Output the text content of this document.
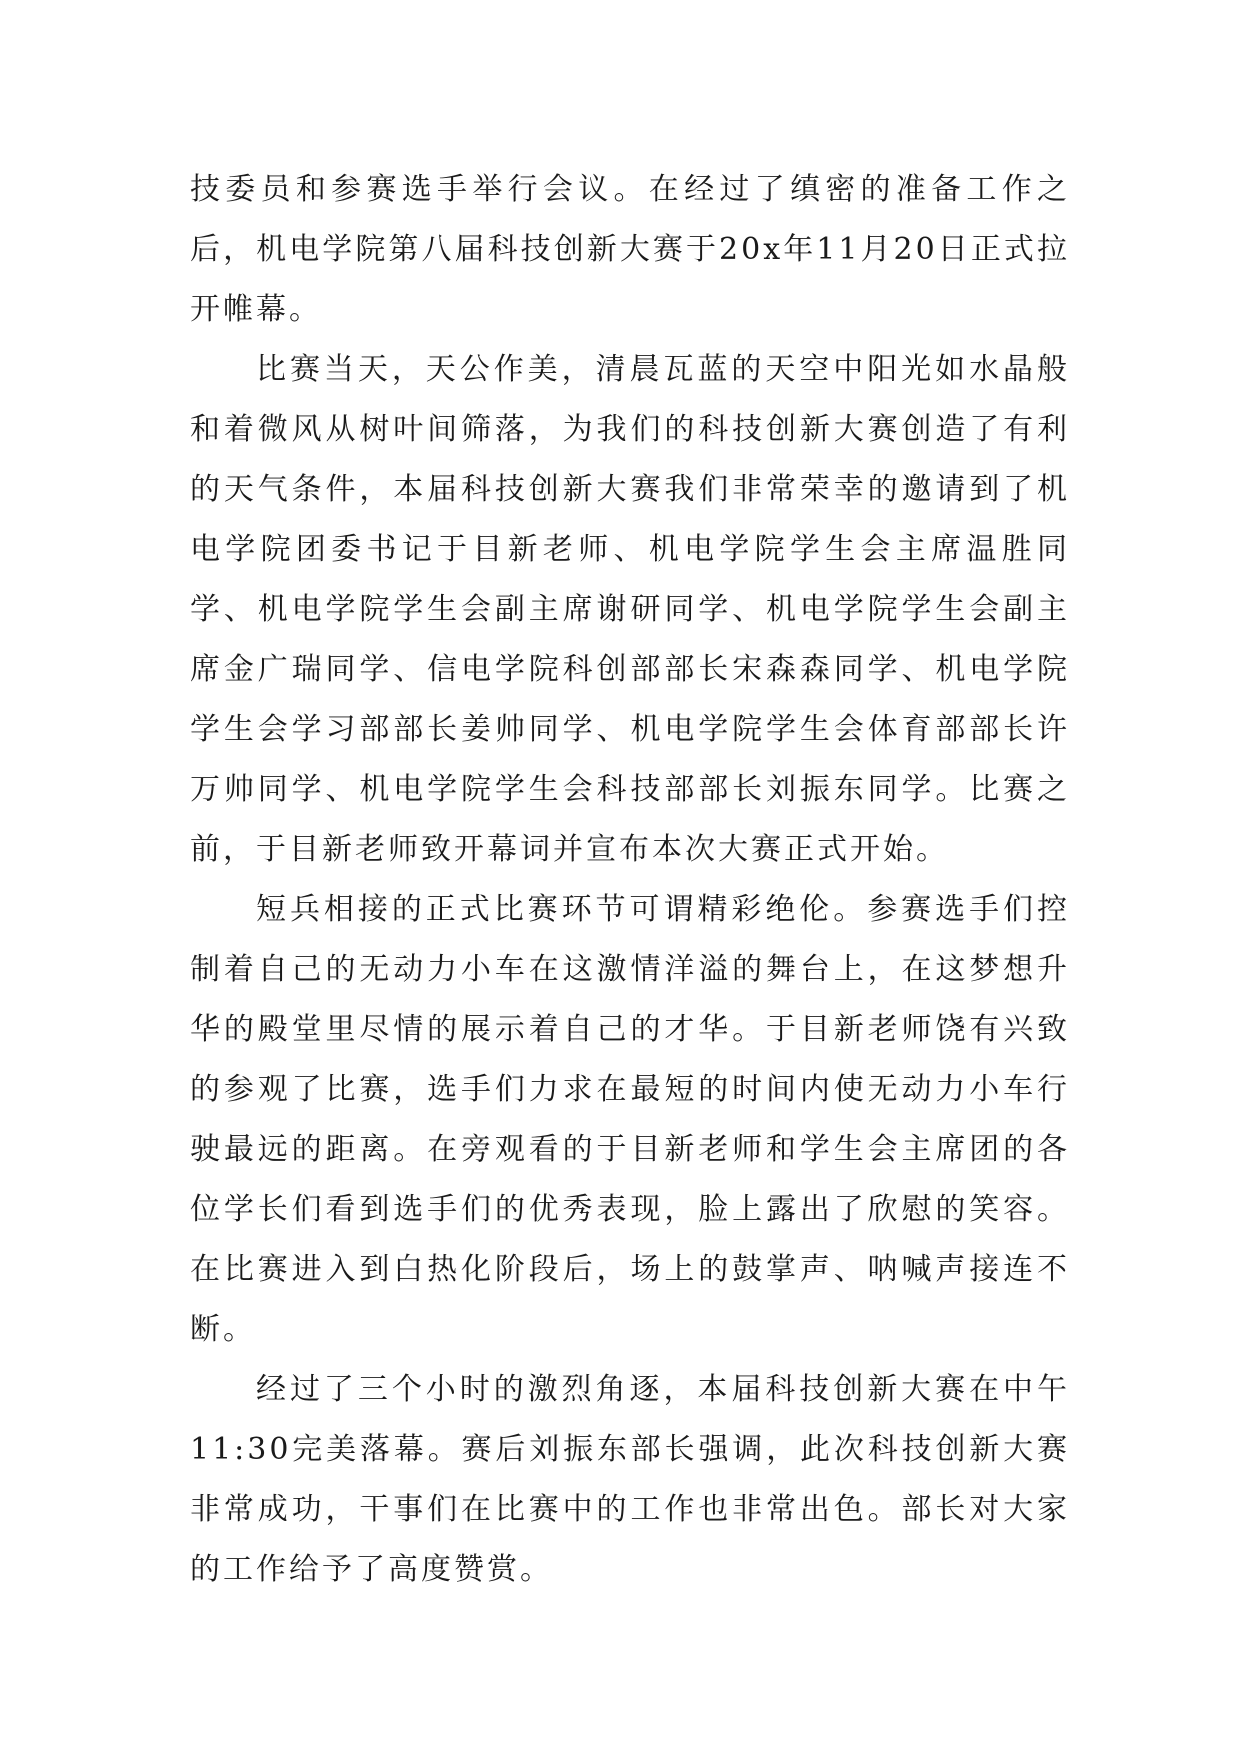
技委员和参赛选手举行会议。在经过了缜密的准备工作之后，机电学院第八届科技创新大赛于20x年11月20日正式拉开帷幕。

比赛当天，天公作美，清晨瓦蓝的天空中阳光如水晶般和着微风从树叶间筛落，为我们的科技创新大赛创造了有利的天气条件，本届科技创新大赛我们非常荣幸的邀请到了机电学院团委书记于目新老师、机电学院学生会主席温胜同学、机电学院学生会副主席谢研同学、机电学院学生会副主席金广瑞同学、信电学院科创部部长宋森森同学、机电学院学生会学习部部长姜帅同学、机电学院学生会体育部部长许万帅同学、机电学院学生会科技部部长刘振东同学。比赛之前，于目新老师致开幕词并宣布本次大赛正式开始。

短兵相接的正式比赛环节可谓精彩绝伦。参赛选手们控制着自己的无动力小车在这激情洋溢的舞台上，在这梦想升华的殿堂里尽情的展示着自己的才华。于目新老师饶有兴致的参观了比赛，选手们力求在最短的时间内使无动力小车行驶最远的距离。在旁观看的于目新老师和学生会主席团的各位学长们看到选手们的优秀表现，脸上露出了欣慰的笑容。在比赛进入到白热化阶段后，场上的鼓掌声、呐喊声接连不断。

经过了三个小时的激烈角逐，本届科技创新大赛在中午11:30完美落幕。赛后刘振东部长强调，此次科技创新大赛非常成功，干事们在比赛中的工作也非常出色。部长对大家的工作给予了高度赞赏。
